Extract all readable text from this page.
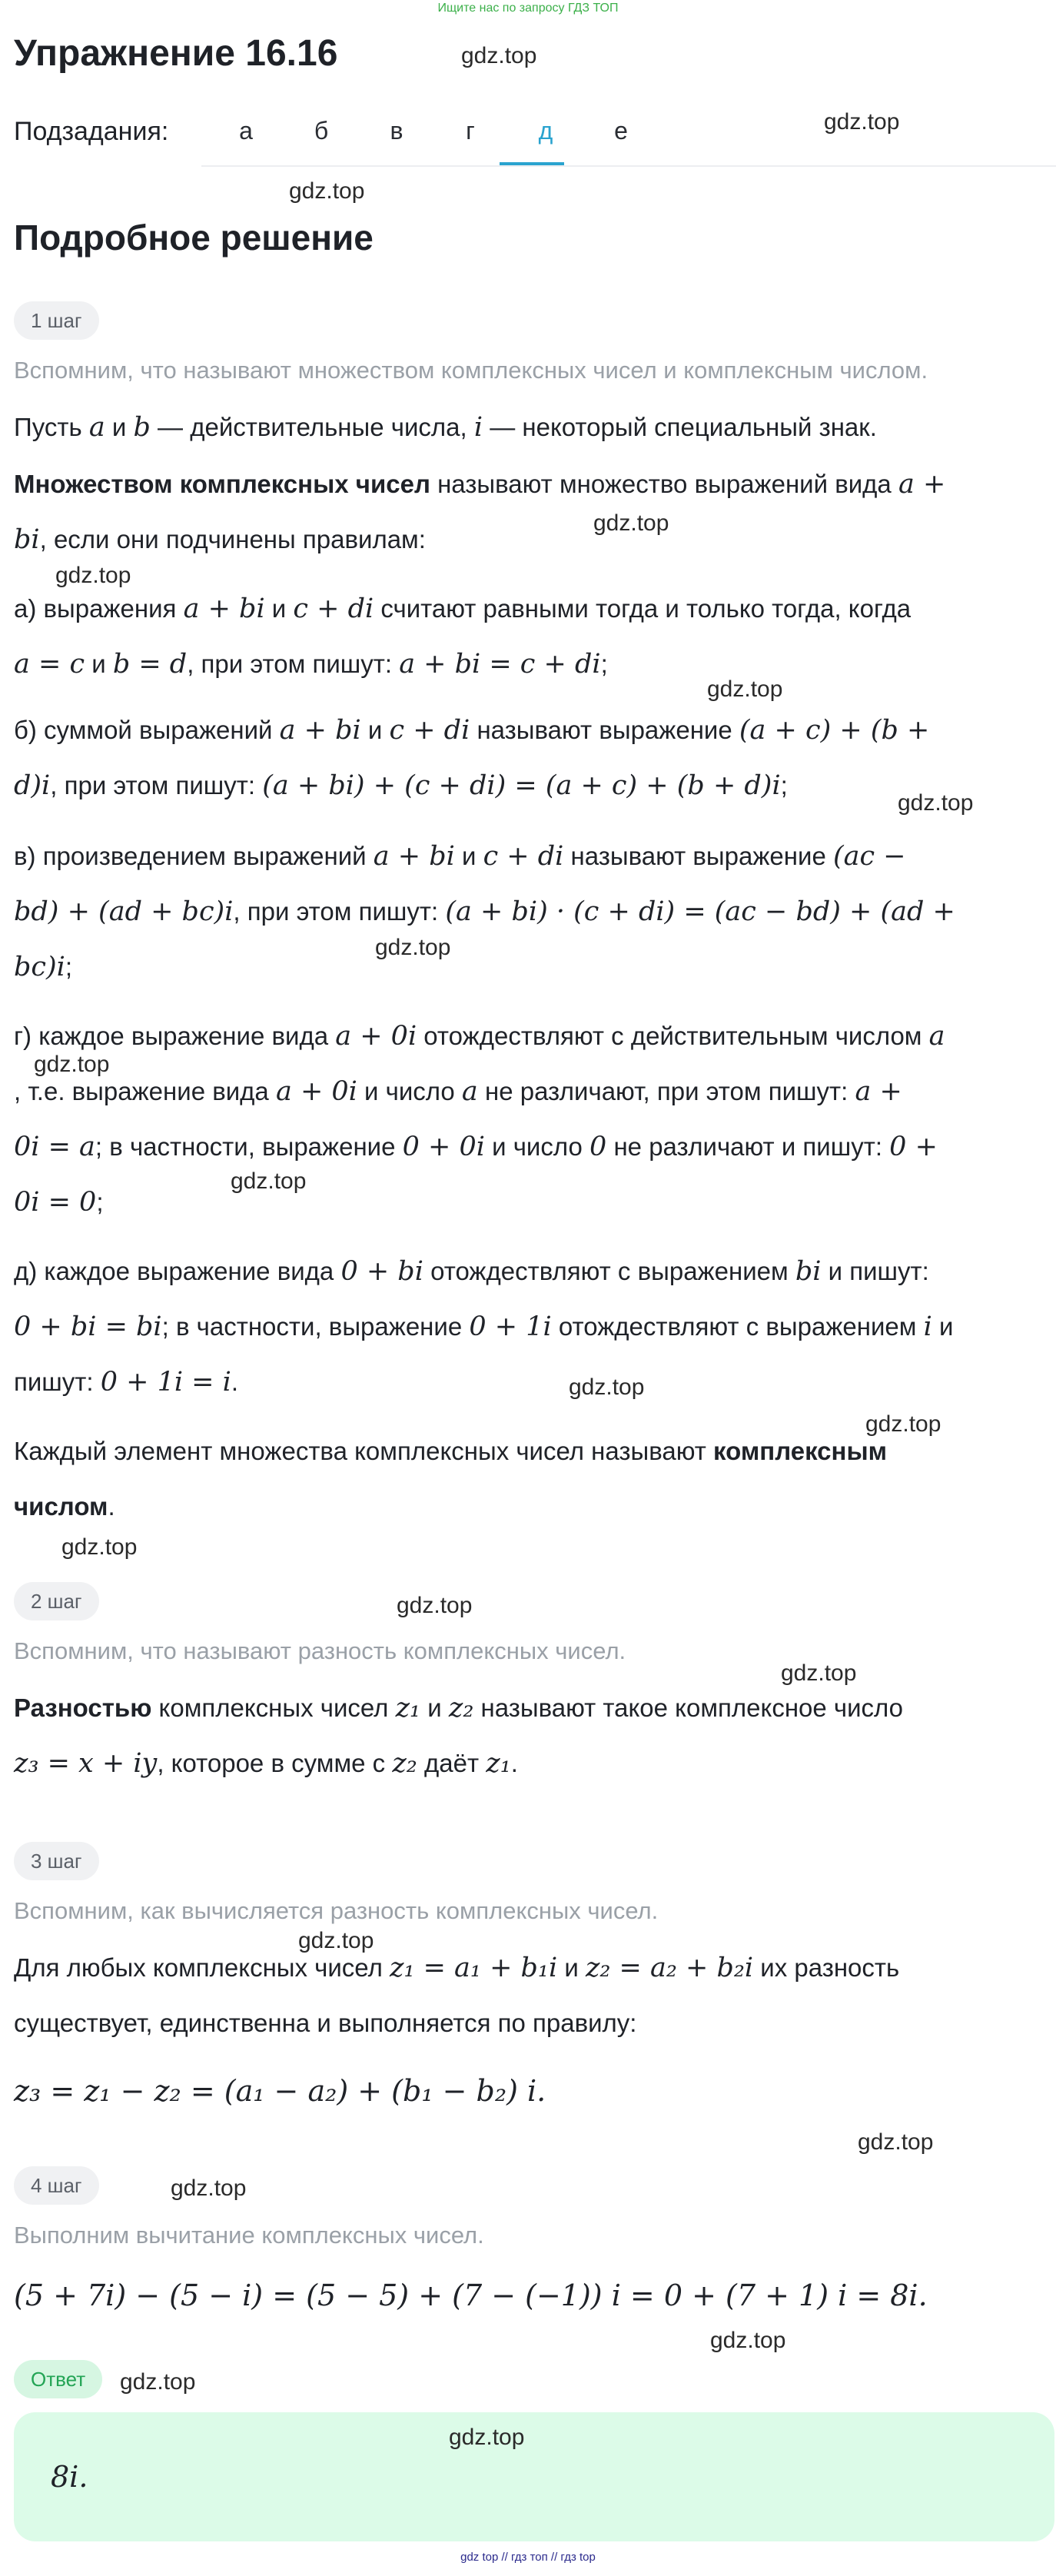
Ищите нас по запросу ГДЗ ТОП
Упражнение 16.16
Подзадания:	а	б	в	г	д	е
Подробное решение
1 шаг
Вспомним, что называют множеством комплексных чисел и комплексным числом.
Пусть a и b — действительные числа, i — некоторый специальный знак.
Множеством комплексных чисел называют множество выражений вида a +
bi, если они подчинены правилам:
а) выражения a + bi и c + di считают равными тогда и только тогда, когда
a = c и b = d, при этом пишут: a + bi = c + di;
б) суммой выражений a + bi и c + di называют выражение (a + c) + (b +
d)i, при этом пишут: (a + bi) + (c + di) = (a + c) + (b + d)i;
в) произведением выражений a + bi и c + di называют выражение (ac −
bd) + (ad + bc)i, при этом пишут: (a + bi) · (c + di) = (ac − bd) + (ad +
bc)i;
г) каждое выражение вида a + 0i отождествляют с действительным числом a
, т.е. выражение вида a + 0i и число a не различают, при этом пишут: a +
0i = a; в частности, выражение 0 + 0i и число 0 не различают и пишут: 0 +
0i = 0;
д) каждое выражение вида 0 + bi отождествляют с выражением bi и пишут:
0 + bi = bi; в частности, выражение 0 + 1i отождествляют с выражением i и
пишут: 0 + 1i = i.
Каждый элемент множества комплексных чисел называют комплексным
числом.
2 шаг
Вспомним, что называют разность комплексных чисел.
Разностью комплексных чисел z₁ и z₂ называют такое комплексное число
z₃ = x + iy, которое в сумме с z₂ даёт z₁.
3 шаг
Вспомним, как вычисляется разность комплексных чисел.
Для любых комплексных чисел z₁ = a₁ + b₁i и z₂ = a₂ + b₂i их разность
существует, единственна и выполняется по правилу:
z₃ = z₁ − z₂ = (a₁ − a₂) + (b₁ − b₂) i.
4 шаг
Выполним вычитание комплексных чисел.
(5 + 7i) − (5 − i) = (5 − 5) + (7 − (−1)) i = 0 + (7 + 1) i = 8i.
Ответ
8i.
gdz.top
gdz.top
gdz.top
gdz.top
gdz.top
gdz.top
gdz.top
gdz.top
gdz.top
gdz.top
gdz.top
gdz.top
gdz.top
gdz.top
gdz.top
gdz.top
gdz.top
gdz.top
gdz.top
gdz.top
gdz.top
gdz top // гдз топ // гдз top
